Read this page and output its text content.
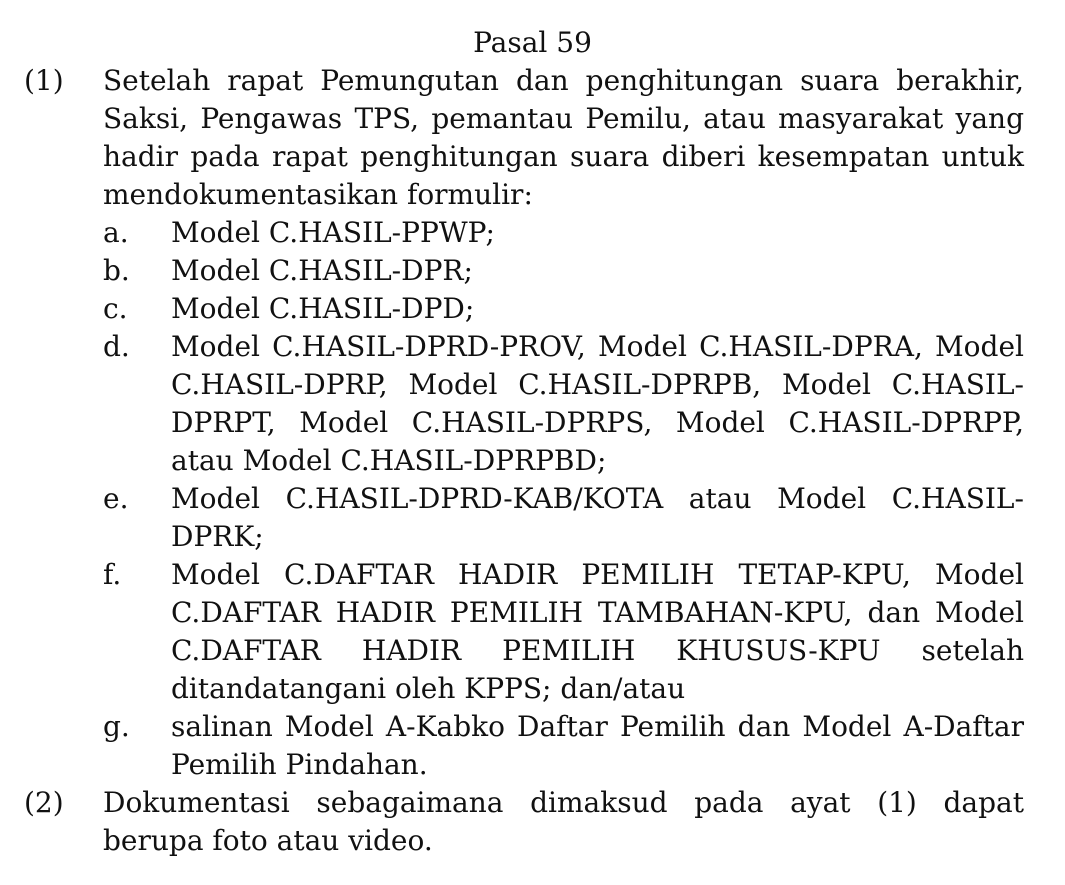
Pasal 59
(1) Setelah rapat Pemungutan dan penghitungan suara berakhir, Saksi, Pengawas TPS, pemantau Pemilu, atau masyarakat yang hadir pada rapat penghitungan suara diberi kesempatan untuk mendokumentasikan formulir:
a. Model C.HASIL-PPWP;
b. Model C.HASIL-DPR;
c. Model C.HASIL-DPD;
d. Model C.HASIL-DPRD-PROV, Model C.HASIL-DPRA, Model C.HASIL-DPRP, Model C.HASIL-DPRPB, Model C.HASIL-DPRPT, Model C.HASIL-DPRPS, Model C.HASIL-DPRPP, atau Model C.HASIL-DPRPBD;
e. Model C.HASIL-DPRD-KAB/KOTA atau Model C.HASIL-DPRK;
f. Model C.DAFTAR HADIR PEMILIH TETAP-KPU, Model C.DAFTAR HADIR PEMILIH TAMBAHAN-KPU, dan Model C.DAFTAR HADIR PEMILIH KHUSUS-KPU setelah ditandatangani oleh KPPS; dan/atau
g. salinan Model A-Kabko Daftar Pemilih dan Model A-Daftar Pemilih Pindahan.
(2) Dokumentasi sebagaimana dimaksud pada ayat (1) dapat berupa foto atau video.
